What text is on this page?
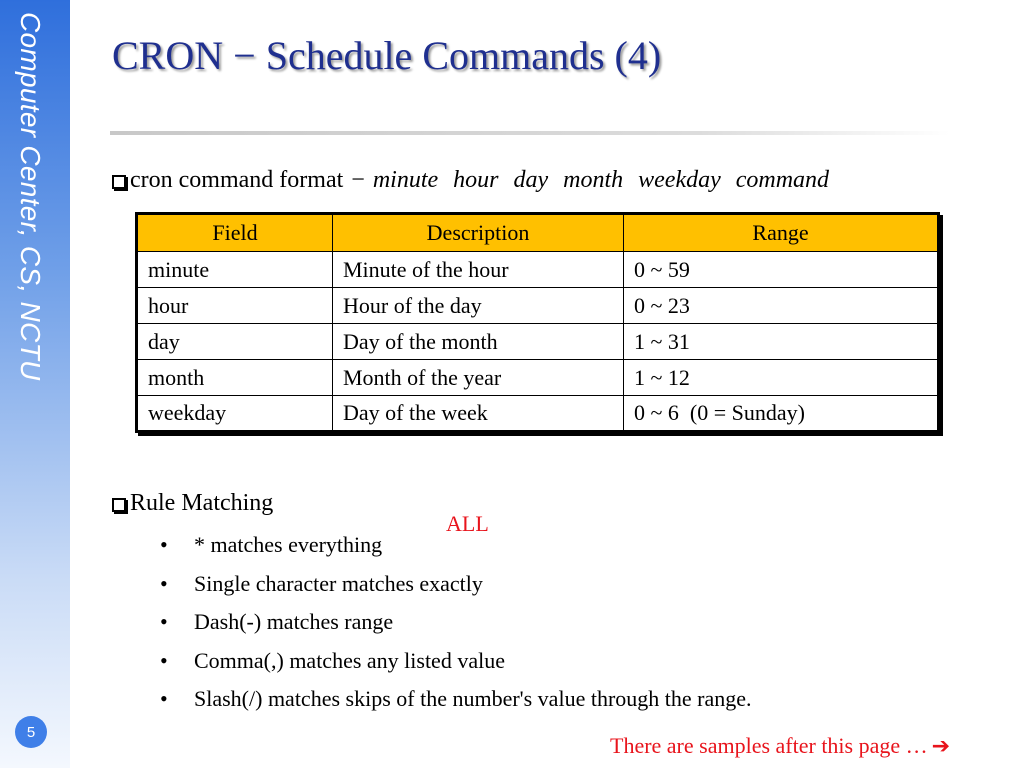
Computer Center, CS, NCTU
5
CRON − Schedule Commands (4)
cron command format − minute hour day month weekday command
Field	Description	Range
minute	Minute of the hour	0 ~ 59
hour	Hour of the day	0 ~ 23
day	Day of the month	1 ~ 31
month	Month of the year	1 ~ 12
weekday	Day of the week	0 ~ 6  (0 = Sunday)
Rule Matching
ALL
• * matches everything
• Single character matches exactly
• Dash(-) matches range
• Comma(,) matches any listed value
• Slash(/) matches skips of the number's value through the range.
There are samples after this page … ➔
